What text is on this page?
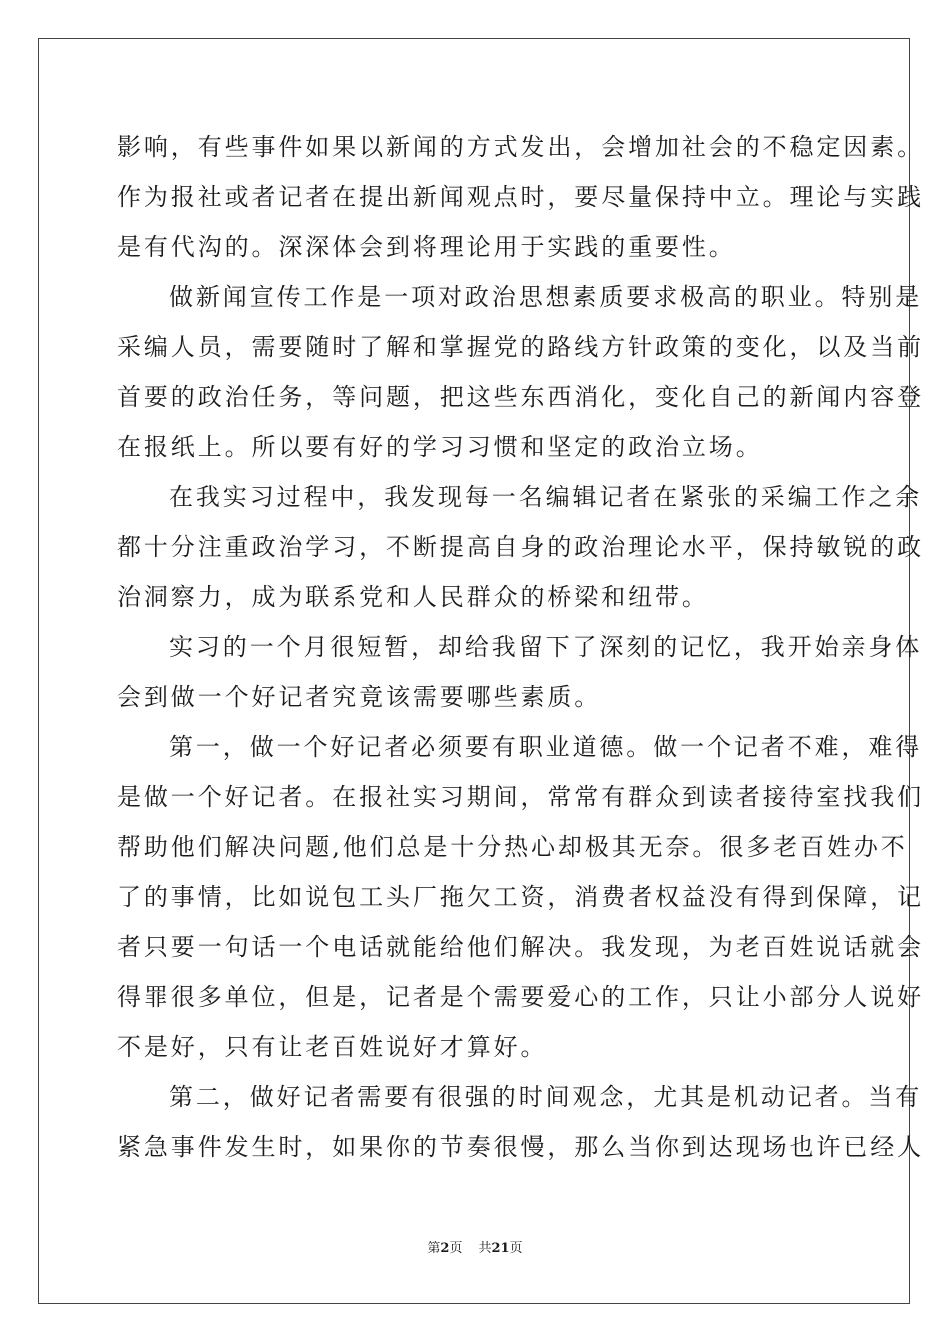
影响，有些事件如果以新闻的方式发出，会增加社会的不稳定因素。
作为报社或者记者在提出新闻观点时，要尽量保持中立。理论与实践
是有代沟的。深深体会到将理论用于实践的重要性。
做新闻宣传工作是一项对政治思想素质要求极高的职业。特别是
采编人员，需要随时了解和掌握党的路线方针政策的变化，以及当前
首要的政治任务，等问题，把这些东西消化，变化自己的新闻内容登
在报纸上。所以要有好的学习习惯和坚定的政治立场。
在我实习过程中，我发现每一名编辑记者在紧张的采编工作之余
都十分注重政治学习，不断提高自身的政治理论水平，保持敏锐的政
治洞察力，成为联系党和人民群众的桥梁和纽带。
实习的一个月很短暂，却给我留下了深刻的记忆，我开始亲身体
会到做一个好记者究竟该需要哪些素质。
第一，做一个好记者必须要有职业道德。做一个记者不难，难得
是做一个好记者。在报社实习期间，常常有群众到读者接待室找我们
帮助他们解决问题,他们总是十分热心却极其无奈。很多老百姓办不
了的事情，比如说包工头厂拖欠工资，消费者权益没有得到保障，记
者只要一句话一个电话就能给他们解决。我发现，为老百姓说话就会
得罪很多单位，但是，记者是个需要爱心的工作，只让小部分人说好
不是好，只有让老百姓说好才算好。
第二，做好记者需要有很强的时间观念，尤其是机动记者。当有
紧急事件发生时，如果你的节奏很慢，那么当你到达现场也许已经人
第2页 共21页
